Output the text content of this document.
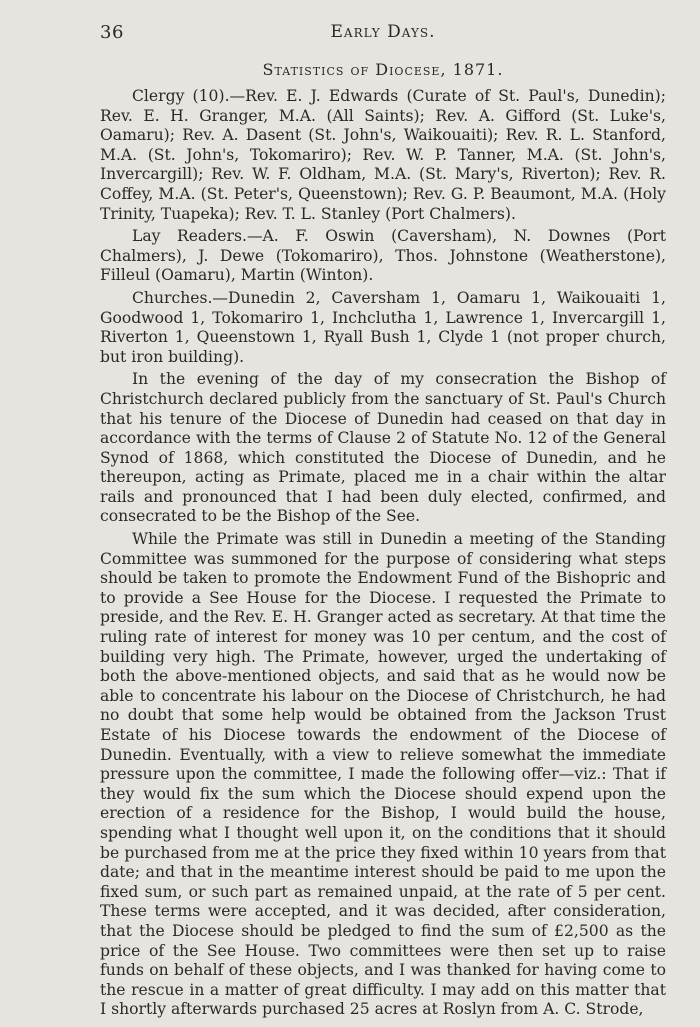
36	Early Days.
Statistics of Diocese, 1871.

Clergy (10).—Rev. E. J. Edwards (Curate of St. Paul's, Dunedin); Rev. E. H. Granger, M.A. (All Saints); Rev. A. Gifford (St. Luke's, Oamaru); Rev. A. Dasent (St. John's, Waikouaiti); Rev. R. L. Stanford, M.A. (St. John's, Tokomariro); Rev. W. P. Tanner, M.A. (St. John's, Invercargill); Rev. W. F. Oldham, M.A. (St. Mary's, Riverton); Rev. R. Coffey, M.A. (St. Peter's, Queenstown); Rev. G. P. Beaumont, M.A. (Holy Trinity, Tuapeka); Rev. T. L. Stanley (Port Chalmers).

Lay Readers.—A. F. Oswin (Caversham), N. Downes (Port Chalmers), J. Dewe (Tokomariro), Thos. Johnstone (Weatherstone), Filleul (Oamaru), Martin (Winton).

Churches.—Dunedin 2, Caversham 1, Oamaru 1, Waikouaiti 1, Goodwood 1, Tokomariro 1, Inchclutha 1, Lawrence 1, Invercargill 1, Riverton 1, Queenstown 1, Ryall Bush 1, Clyde 1 (not proper church, but iron building).

In the evening of the day of my consecration the Bishop of Christchurch declared publicly from the sanctuary of St. Paul's Church that his tenure of the Diocese of Dunedin had ceased on that day in accordance with the terms of Clause 2 of Statute No. 12 of the General Synod of 1868, which constituted the Diocese of Dunedin, and he thereupon, acting as Primate, placed me in a chair within the altar rails and pronounced that I had been duly elected, confirmed, and consecrated to be the Bishop of the See.

While the Primate was still in Dunedin a meeting of the Standing Committee was summoned for the purpose of considering what steps should be taken to promote the Endowment Fund of the Bishopric and to provide a See House for the Diocese. I requested the Primate to preside, and the Rev. E. H. Granger acted as secretary. At that time the ruling rate of interest for money was 10 per centum, and the cost of building very high. The Primate, however, urged the undertaking of both the above-mentioned objects, and said that as he would now be able to concentrate his labour on the Diocese of Christchurch, he had no doubt that some help would be obtained from the Jackson Trust Estate of his Diocese towards the endowment of the Diocese of Dunedin. Eventually, with a view to relieve somewhat the immediate pressure upon the committee, I made the following offer—viz.: That if they would fix the sum which the Diocese should expend upon the erection of a residence for the Bishop, I would build the house, spending what I thought well upon it, on the conditions that it should be purchased from me at the price they fixed within 10 years from that date; and that in the meantime interest should be paid to me upon the fixed sum, or such part as remained unpaid, at the rate of 5 per cent. These terms were accepted, and it was decided, after consideration, that the Diocese should be pledged to find the sum of £2,500 as the price of the See House. Two committees were then set up to raise funds on behalf of these objects, and I was thanked for having come to the rescue in a matter of great difficulty. I may add on this matter that I shortly afterwards purchased 25 acres at Roslyn from A. C. Strode,
